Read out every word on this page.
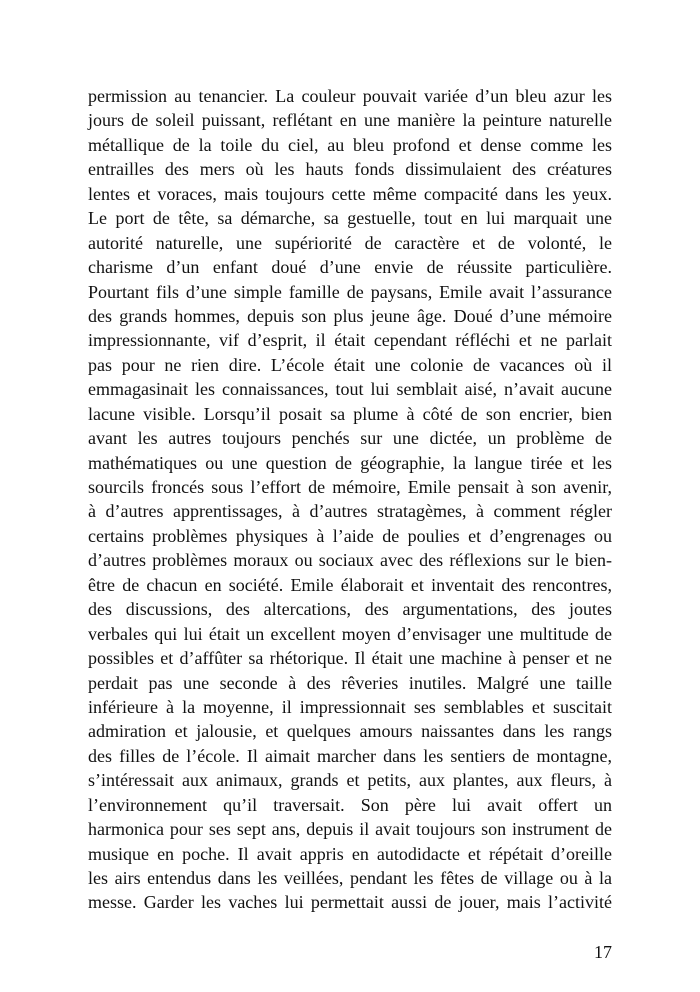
permission au tenancier. La couleur pouvait variée d’un bleu azur les
jours de soleil puissant, reflétant en une manière la peinture naturelle
métallique de la toile du ciel, au bleu profond et dense comme les
entrailles des mers où les hauts fonds dissimulaient des créatures
lentes et voraces, mais toujours cette même compacité dans les yeux.
Le port de tête, sa démarche, sa gestuelle, tout en lui marquait une
autorité naturelle, une supériorité de caractère et de volonté, le
charisme d’un enfant doué d’une envie de réussite particulière.
Pourtant fils d’une simple famille de paysans, Emile avait l’assurance
des grands hommes, depuis son plus jeune âge. Doué d’une mémoire
impressionnante, vif d’esprit, il était cependant réfléchi et ne parlait
pas pour ne rien dire. L’école était une colonie de vacances où il
emmagasinait les connaissances, tout lui semblait aisé, n’avait aucune
lacune visible. Lorsqu’il posait sa plume à côté de son encrier, bien
avant les autres toujours penchés sur une dictée, un problème de
mathématiques ou une question de géographie, la langue tirée et les
sourcils froncés sous l’effort de mémoire, Emile pensait à son avenir,
à d’autres apprentissages, à d’autres stratagèmes, à comment régler
certains problèmes physiques à l’aide de poulies et d’engrenages ou
d’autres problèmes moraux ou sociaux avec des réflexions sur le bien-
être de chacun en société. Emile élaborait et inventait des rencontres,
des discussions, des altercations, des argumentations, des joutes
verbales qui lui était un excellent moyen d’envisager une multitude de
possibles et d’affûter sa rhétorique. Il était une machine à penser et ne
perdait pas une seconde à des rêveries inutiles. Malgré une taille
inférieure à la moyenne, il impressionnait ses semblables et suscitait
admiration et jalousie, et quelques amours naissantes dans les rangs
des filles de l’école. Il aimait marcher dans les sentiers de montagne,
s’intéressait aux animaux, grands et petits, aux plantes, aux fleurs, à
l’environnement qu’il traversait. Son père lui avait offert un
harmonica pour ses sept ans, depuis il avait toujours son instrument de
musique en poche. Il avait appris en autodidacte et répétait d’oreille
les airs entendus dans les veillées, pendant les fêtes de village ou à la
messe. Garder les vaches lui permettait aussi de jouer, mais l’activité
17
